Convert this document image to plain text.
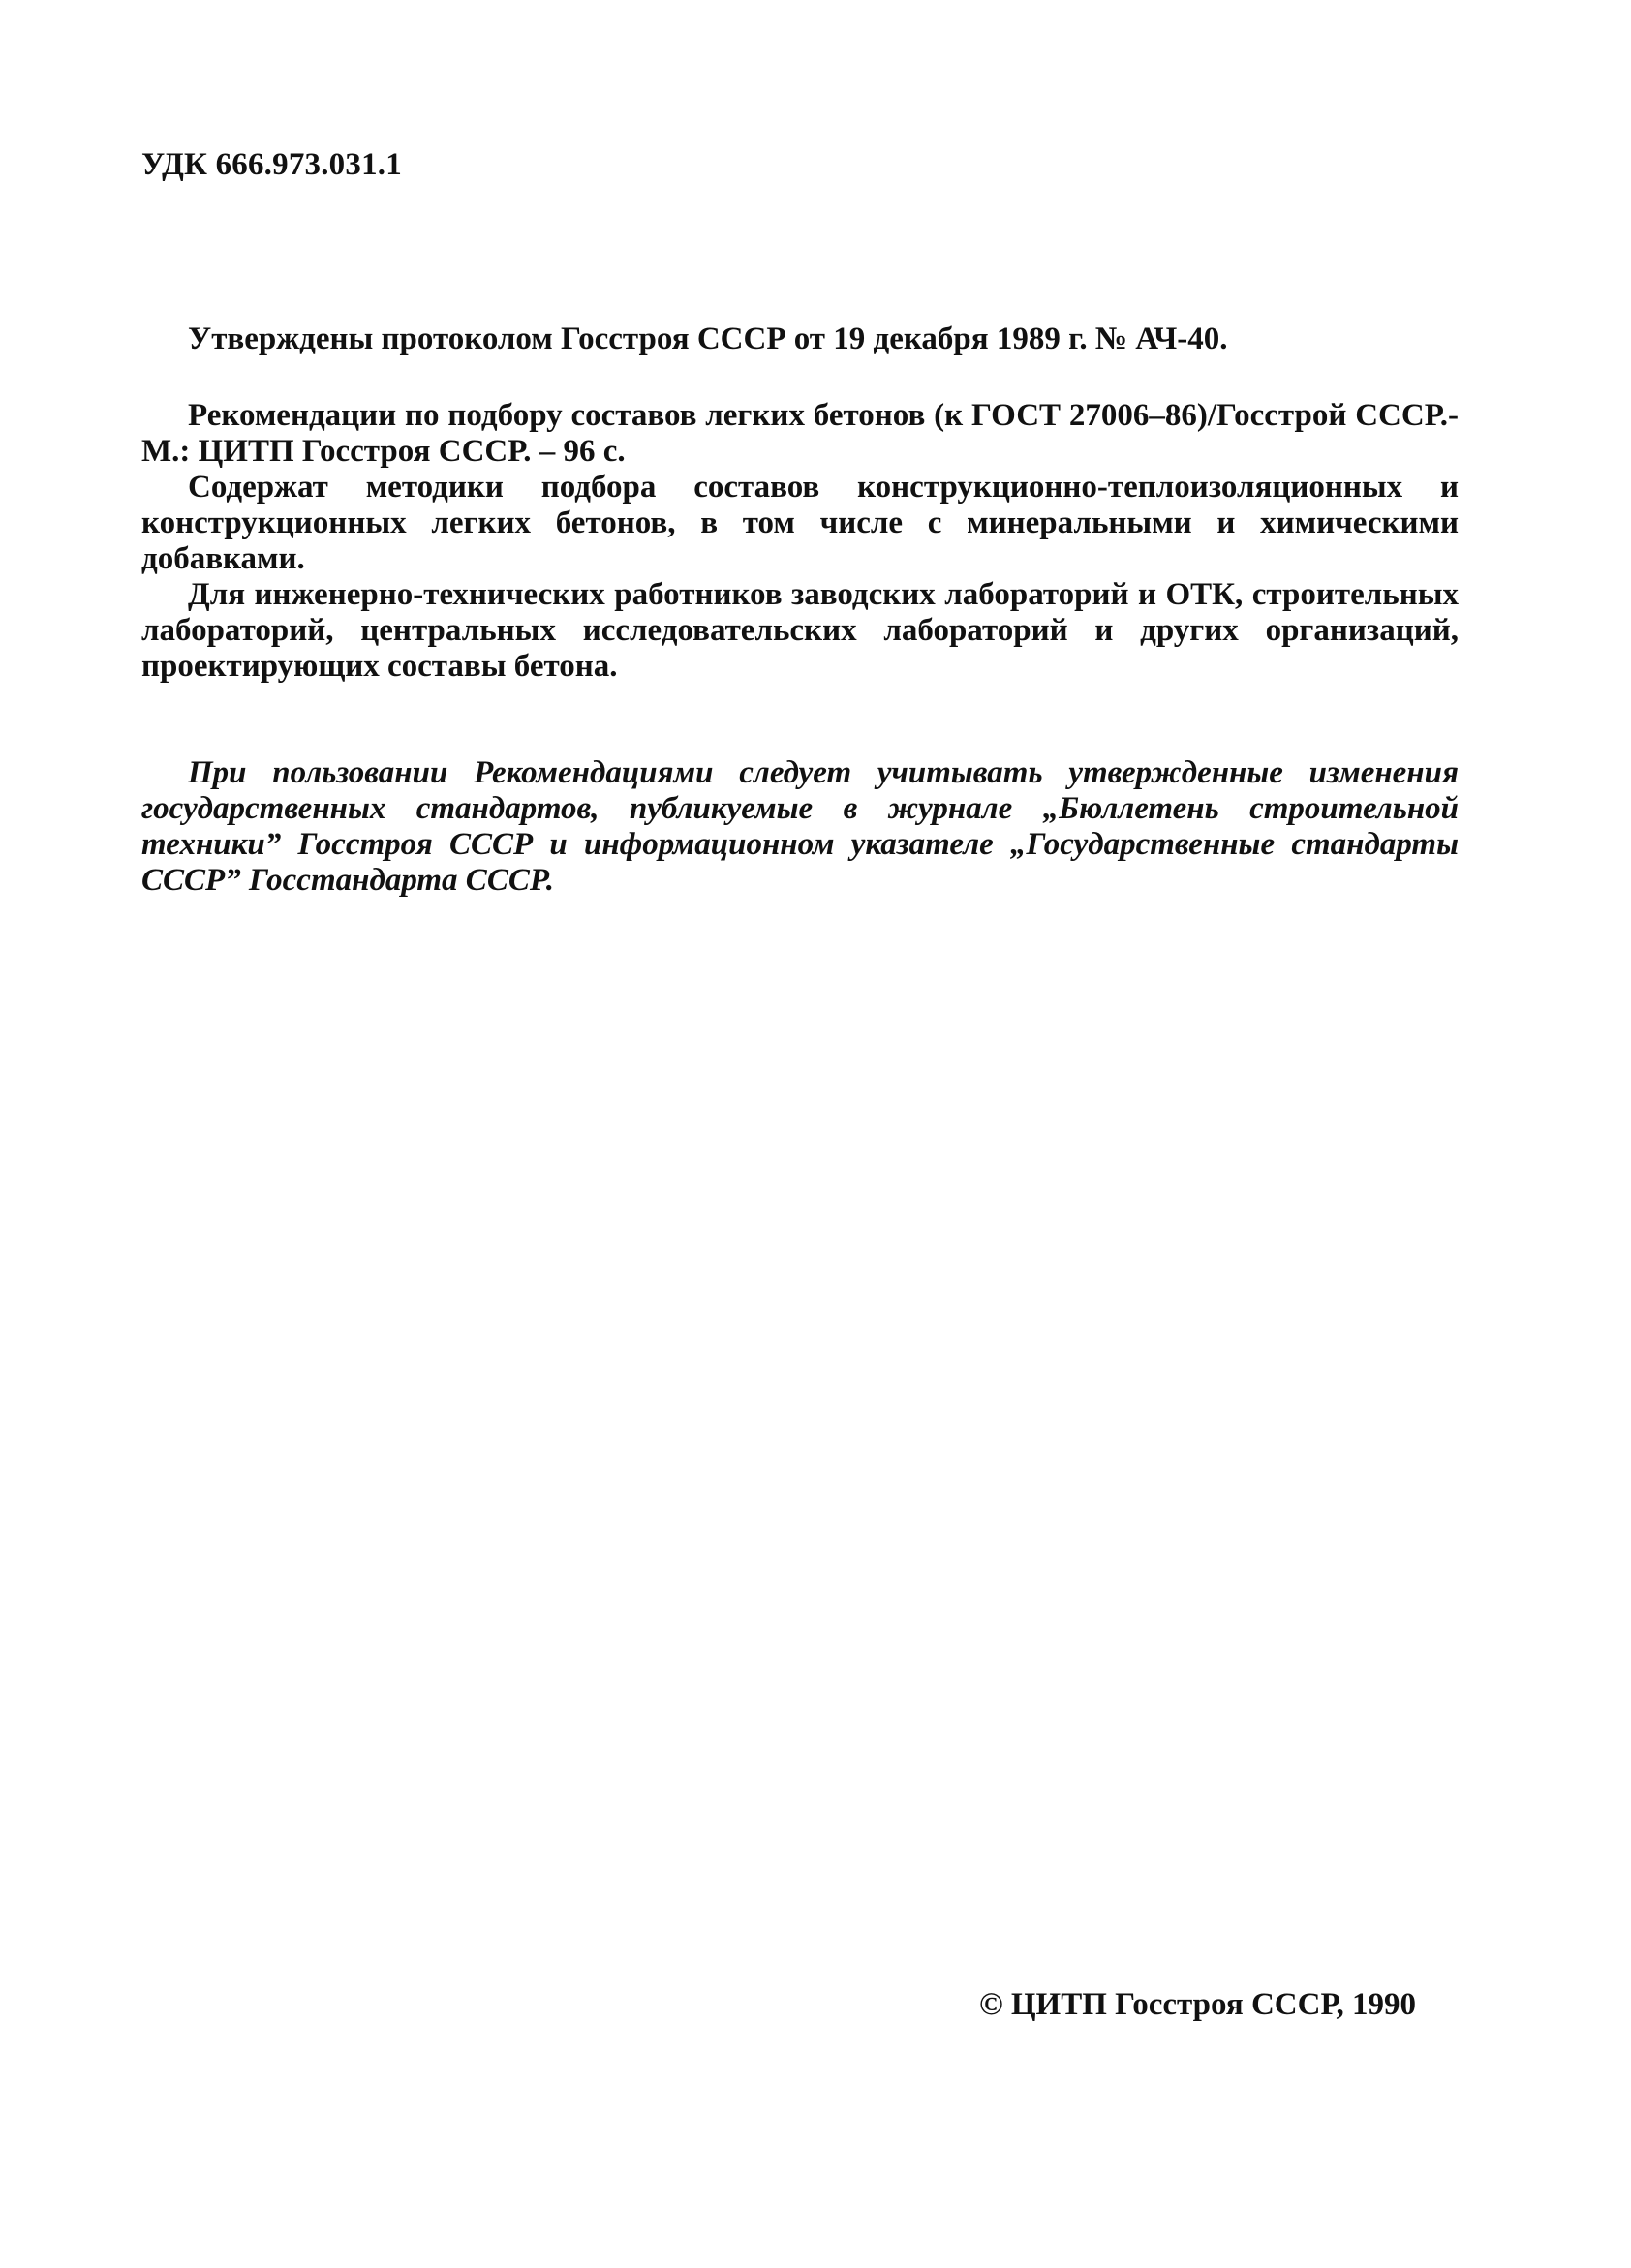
УДК 666.973.031.1
Утверждены протоколом Госстроя СССР от 19 декабря 1989 г. № АЧ-40.

Рекомендации по подбору составов легких бетонов (к ГОСТ 27006–86)/Госстрой СССР.-М.: ЦИТП Госстроя СССР. – 96 с.

Содержат методики подбора составов конструкционно-теплоизоляционных и конструкционных легких бетонов, в том числе с минеральными и химическими добавками.

Для инженерно-технических работников заводских лабораторий и ОТК, строительных лабораторий, центральных исследовательских лабораторий и других организаций, проектирующих составы бетона.

При пользовании Рекомендациями следует учитывать утвержденные изменения государственных стандартов, публикуемые в журнале „Бюллетень строительной техники” Госстроя СССР и информационном указателе „Государственные стандарты СССР” Госстандарта СССР.

© ЦИТП Госстроя СССР, 1990
